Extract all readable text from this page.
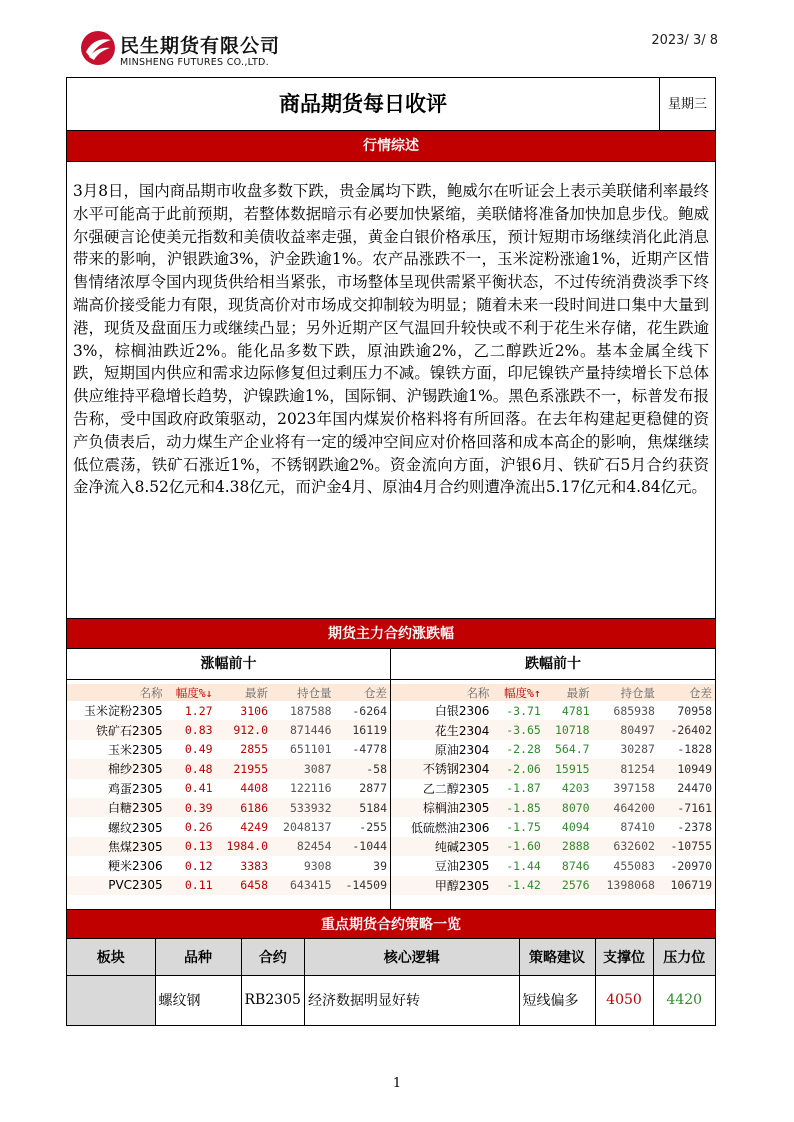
民生期货有限公司
MINSHENG FUTURES CO.,LTD.
2023/ 3/ 8
商品期货每日收评	星期三
行情综述
3月8日，国内商品期市收盘多数下跌，贵金属均下跌，鲍威尔在听证会上表示美联储利率最终水平可能高于此前预期，若整体数据暗示有必要加快紧缩，美联储将准备加快加息步伐。鲍威尔强硬言论使美元指数和美债收益率走强，黄金白银价格承压，预计短期市场继续消化此消息带来的影响，沪银跌逾3%，沪金跌逾1%。农产品涨跌不一，玉米淀粉涨逾1%，近期产区惜售情绪浓厚令国内现货供给相当紧张，市场整体呈现供需紧平衡状态，不过传统消费淡季下终端高价接受能力有限，现货高价对市场成交抑制较为明显；随着未来一段时间进口集中大量到港，现货及盘面压力或继续凸显；另外近期产区气温回升较快或不利于花生米存储，花生跌逾3%，棕榈油跌近2%。能化品多数下跌，原油跌逾2%，乙二醇跌近2%。基本金属全线下跌，短期国内供应和需求边际修复但过剩压力不减。镍铁方面，印尼镍铁产量持续增长下总体供应维持平稳增长趋势，沪镍跌逾1%，国际铜、沪锡跌逾1%。黑色系涨跌不一，标普发布报告称，受中国政府政策驱动，2023年国内煤炭价格料将有所回落。在去年构建起更稳健的资产负债表后，动力煤生产企业将有一定的缓冲空间应对价格回落和成本高企的影响，焦煤继续低位震荡，铁矿石涨近1%，不锈钢跌逾2%。资金流向方面，沪银6月、铁矿石5月合约获资金净流入8.52亿元和4.38亿元，而沪金4月、原油4月合约则遭净流出5.17亿元和4.84亿元。
期货主力合约涨跌幅
涨幅前十
名称	幅度%↓	最新	持仓量	仓差
玉米淀粉2305	1.27	3106	187588	-6264
铁矿石2305	0.83	912.0	871446	16119
玉米2305	0.49	2855	651101	-4778
棉纱2305	0.48	21955	3087	-58
鸡蛋2305	0.41	4408	122116	2877
白糖2305	0.39	6186	533932	5184
螺纹2305	0.26	4249	2048137	-255
焦煤2305	0.13	1984.0	82454	-1044
粳米2306	0.12	3383	9308	39
PVC2305	0.11	6458	643415	-14509
跌幅前十
名称	幅度%↑	最新	持仓量	仓差
白银2306	-3.71	4781	685938	70958
花生2304	-3.65	10718	80497	-26402
原油2304	-2.28	564.7	30287	-1828
不锈钢2304	-2.06	15915	81254	10949
乙二醇2305	-1.87	4203	397158	24470
棕榈油2305	-1.85	8070	464200	-7161
低硫燃油2306	-1.75	4094	87410	-2378
纯碱2305	-1.60	2888	632602	-10755
豆油2305	-1.44	8746	455083	-20970
甲醇2305	-1.42	2576	1398068	106719
重点期货合约策略一览
板块	品种	合约	核心逻辑	策略建议	支撑位	压力位
	螺纹钢	RB2305	经济数据明显好转	短线偏多	4050	4420
1
